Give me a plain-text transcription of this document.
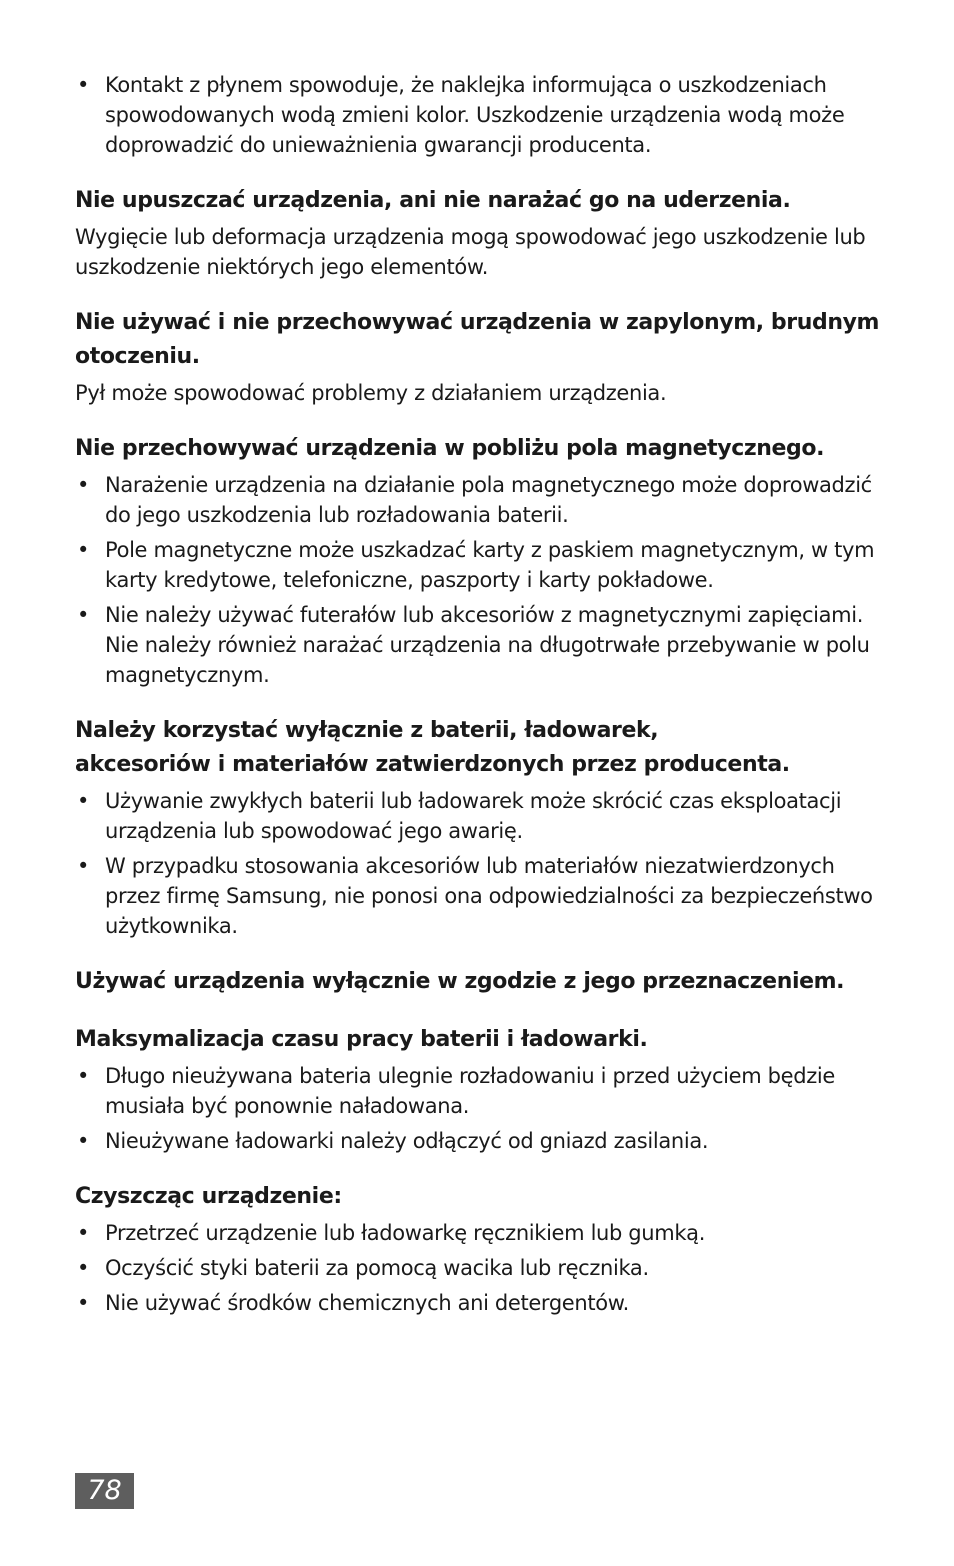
• Kontakt z płynem spowoduje, że naklejka informująca o uszkodzeniach spowodowanych wodą zmieni kolor. Uszkodzenie urządzenia wodą może doprowadzić do unieważnienia gwarancji producenta.
Nie upuszczać urządzenia, ani nie narażać go na uderzenia.

Wygięcie lub deformacja urządzenia mogą spowodować jego uszkodzenie lub uszkodzenie niektórych jego elementów.

Nie używać i nie przechowywać urządzenia w zapylonym, brudnym otoczeniu.

Pył może spowodować problemy z działaniem urządzenia.

Nie przechowywać urządzenia w pobliżu pola magnetycznego.
• Narażenie urządzenia na działanie pola magnetycznego może doprowadzić do jego uszkodzenia lub rozładowania baterii.
• Pole magnetyczne może uszkadzać karty z paskiem magnetycznym, w tym karty kredytowe, telefoniczne, paszporty i karty pokładowe.
• Nie należy używać futerałów lub akcesoriów z magnetycznymi zapięciami. Nie należy również narażać urządzenia na długotrwałe przebywanie w polu magnetycznym.
Należy korzystać wyłącznie z baterii, ładowarek, akcesoriów i materiałów zatwierdzonych przez producenta.
• Używanie zwykłych baterii lub ładowarek może skrócić czas eksploatacji urządzenia lub spowodować jego awarię.
• W przypadku stosowania akcesoriów lub materiałów niezatwierdzonych przez firmę Samsung, nie ponosi ona odpowiedzialności za bezpieczeństwo użytkownika.
Używać urządzenia wyłącznie w zgodzie z jego przeznaczeniem.
Maksymalizacja czasu pracy baterii i ładowarki.
• Długo nieużywana bateria ulegnie rozładowaniu i przed użyciem będzie musiała być ponownie naładowana.
• Nieużywane ładowarki należy odłączyć od gniazd zasilania.
Czyszcząc urządzenie:
• Przetrzeć urządzenie lub ładowarkę ręcznikiem lub gumką.
• Oczyścić styki baterii za pomocą wacika lub ręcznika.
• Nie używać środków chemicznych ani detergentów.
78
